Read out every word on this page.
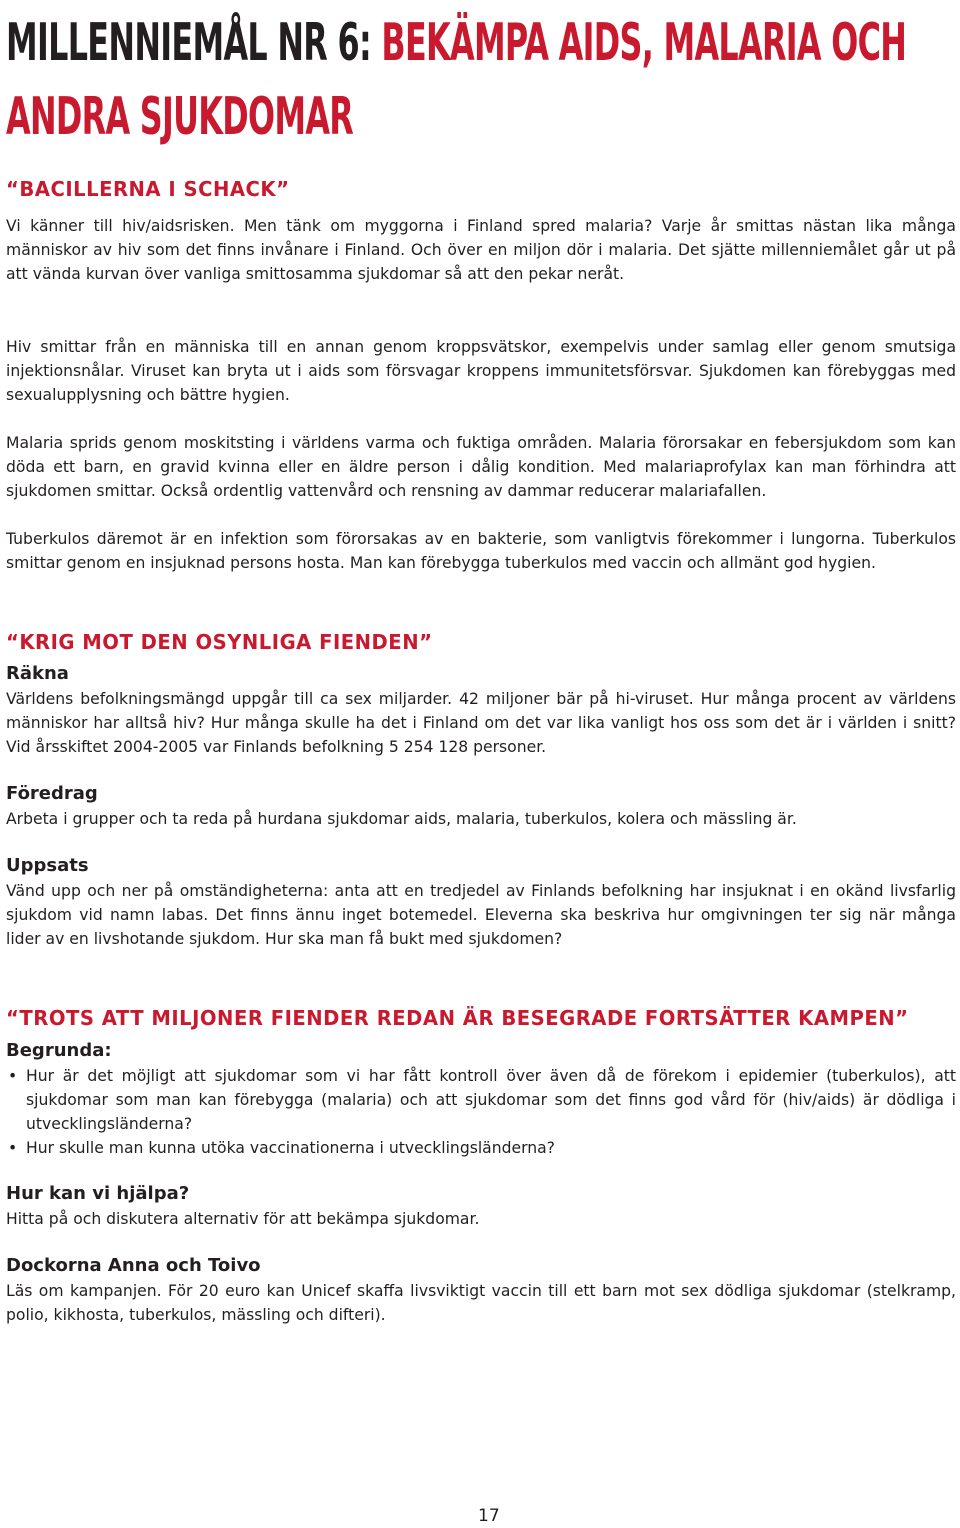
MILLENNIEMÅL NR 6: BEKÄMPA AIDS, MALARIA OCH
ANDRA SJUKDOMAR
“BACILLERNA I SCHACK”
Vi känner till hiv/aidsrisken. Men tänk om myggorna i Finland spred malaria? Varje år smittas nästan lika många människor av hiv som det finns invånare i Finland. Och över en miljon dör i malaria. Det sjätte millenniemålet går ut på att vända kurvan över vanliga smittosamma sjukdomar så att den pekar neråt.
Hiv smittar från en människa till en annan genom kroppsvätskor, exempelvis under samlag eller genom smutsiga injektionsnålar. Viruset kan bryta ut i aids som försvagar kroppens immunitetsförsvar. Sjukdomen kan förebyggas med sexualupplysning och bättre hygien.
Malaria sprids genom moskitsting i världens varma och fuktiga områden. Malaria förorsakar en febersjukdom som kan döda ett barn, en gravid kvinna eller en äldre person i dålig kondition. Med malariaprofylax kan man förhindra att sjukdomen smittar. Också ordentlig vattenvård och rensning av dammar reducerar malariafallen.
Tuberkulos däremot är en infektion som förorsakas av en bakterie, som vanligtvis förekommer i lungorna. Tuberkulos smittar genom en insjuknad persons hosta. Man kan förebygga tuberkulos med vaccin och allmänt god hygien.
“KRIG MOT DEN OSYNLIGA FIENDEN”
Räkna
Världens befolkningsmängd uppgår till ca sex miljarder. 42 miljoner bär på hi-viruset. Hur många procent av världens människor har alltså hiv? Hur många skulle ha det i Finland om det var lika vanligt hos oss som det är i världen i snitt? Vid årsskiftet 2004-2005 var Finlands befolkning 5 254 128 personer.
Föredrag
Arbeta i grupper och ta reda på hurdana sjukdomar aids, malaria, tuberkulos, kolera och mässling är.
Uppsats
Vänd upp och ner på omständigheterna: anta att en tredjedel av Finlands befolkning har insjuknat i en okänd livsfarlig sjukdom vid namn labas. Det finns ännu inget botemedel. Eleverna ska beskriva hur omgivningen ter sig när många lider av en livshotande sjukdom. Hur ska man få bukt med sjukdomen?
“TROTS ATT MILJONER FIENDER REDAN ÄR BESEGRADE FORTSÄTTER KAMPEN”
Begrunda:
• Hur är det möjligt att sjukdomar som vi har fått kontroll över även då de förekom i epidemier (tuberkulos), att sjukdomar som man kan förebygga (malaria) och att sjukdomar som det finns god vård för (hiv/aids) är dödliga i utvecklingsländerna?
• Hur skulle man kunna utöka vaccinationerna i utvecklingsländerna?
Hur kan vi hjälpa?
Hitta på och diskutera alternativ för att bekämpa sjukdomar.
Dockorna Anna och Toivo
Läs om kampanjen. För 20 euro kan Unicef skaffa livsviktigt vaccin till ett barn mot sex dödliga sjukdomar (stelkramp, polio, kikhosta, tuberkulos, mässling och difteri).
17
